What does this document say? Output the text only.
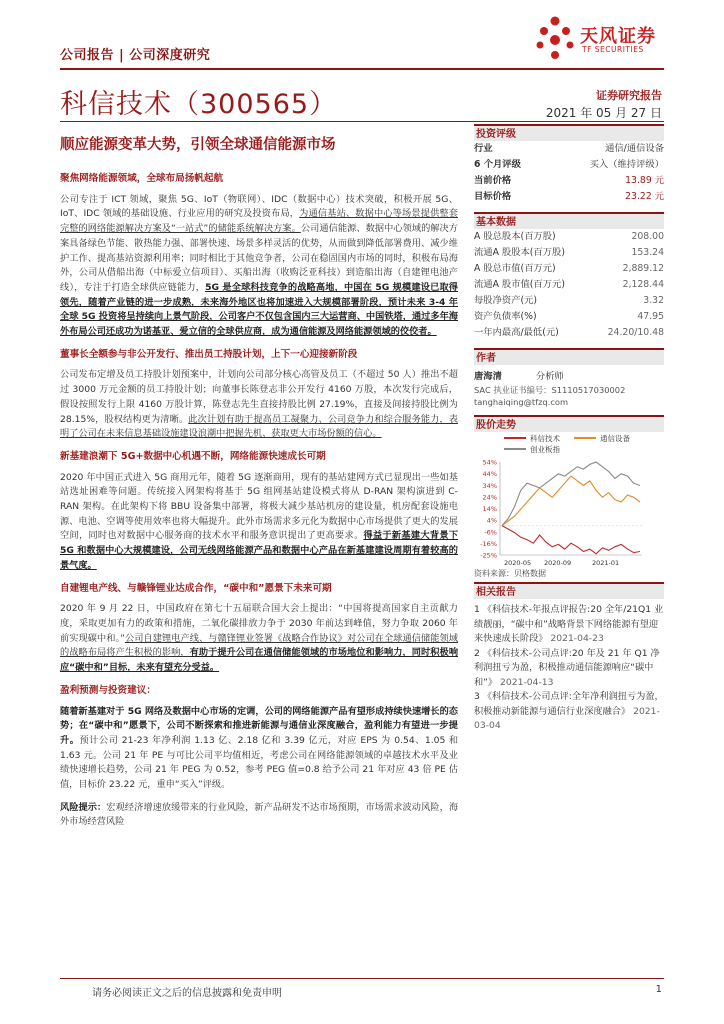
公司报告 | 公司深度研究
天风证券
TF SECURITIES
科信技术（300565）	证券研究报告
2021 年 05 月 27 日
顺应能源变革大势，引领全球通信能源市场
聚焦网络能源领域，全球布局扬帆起航
公司专注于 ICT 领域，聚焦 5G、IoT（物联网）、IDC（数据中心）技术突破，积极开展 5G、IoT、IDC 领域的基础设施、行业应用的研究及投资布局，为通信基站、数据中心等场景提供整套完整的网络能源解决方案及“一站式”的储能系统解决方案。公司通信能源、数据中心领域的解决方案具备绿色节能、散热能力强、部署快速、场景多样灵活的优势，从而做到降低部署费用、减少维护工作、提高基站资源利用率；同时相比于其他竞争者，公司在稳固国内市场的同时，积极布局海外，公司从借船出海（中标爱立信项目）、买船出海（收购泛亚科技）到造船出海（自建锂电池产线），专注于打造全球供应链能力，5G 是全球科技竞争的战略高地，中国在 5G 规模建设已取得领先，随着产业链的进一步成熟，未来海外地区也将加速进入大规模部署阶段，预计未来 3-4 年全球 5G 投资将呈持续向上景气阶段，公司客户不仅包含国内三大运营商、中国铁塔，通过多年海外布局公司还成功为诺基亚、爱立信的全球供应商，成为通信能源及网络能源领域的佼佼者。
董事长全额参与非公开发行、推出员工持股计划，上下一心迎接新阶段
公司发布定增及员工持股计划预案中，计划向公司部分核心高管及员工（不超过 50 人）推出不超过 3000 万元金额的员工持股计划；向董事长陈登志非公开发行 4160 万股，本次发行完成后，假设按照发行上限 4160 万股计算，陈登志先生直接持股比例 27.19%，直接及间接持股比例为 28.15%，股权结构更为清晰。此次计划有助于提高员工凝聚力、公司竞争力和综合服务能力，表明了公司在未来信息基础设施建设浪潮中把握先机、获取更大市场份额的信心。
新基建浪潮下 5G+数据中心机遇不断，网络能源快速成长可期
2020 年中国正式进入 5G 商用元年，随着 5G 逐渐商用，现有的基站建网方式已显现出一些如基站选址困难等问题。传统接入网架构将基于 5G 组网基站建设模式将从 D-RAN 架构演进到 C-RAN 架构。在此架构下将 BBU 设备集中部署，将极大减少基站机房的建设量，机房配套设施电源、电池、空调等使用效率也将大幅提升。此外市场需求多元化为数据中心市场提供了更大的发展空间，同时也对数据中心服务商的技术水平和服务意识提出了更高要求。得益于新基建大背景下 5G 和数据中心大规模建设，公司无线网络能源产品和数据中心产品在新基建建设周期有着较高的景气度。
自建锂电产线、与赣锋锂业达成合作，“碳中和”愿景下未来可期
2020 年 9 月 22 日，中国政府在第七十五届联合国大会上提出：“中国将提高国家自主贡献力度，采取更加有力的政策和措施，二氧化碳排放力争于 2030 年前达到峰值，努力争取 2060 年前实现碳中和。”公司自建锂电产线、与赣锋锂业签署《战略合作协议》对公司在全球通信储能领域的战略布局将产生积极的影响，有助于提升公司在通信储能领域的市场地位和影响力，同时积极响应“碳中和”目标，未来有望充分受益。
盈利预测与投资建议：
随着新基建对于 5G 网络及数据中心市场的定调，公司的网络能源产品有望形成持续快速增长的态势；在“碳中和”愿景下，公司不断探索和推进新能源与通信业深度融合，盈利能力有望进一步提升。预计公司 21-23 年净利润 1.13 亿、2.18 亿和 3.39 亿元，对应 EPS 为 0.54、1.05 和 1.63 元。公司 21 年 PE 与可比公司平均值相近，考虑公司在网络能源领域的卓越技术水平及业绩快速增长趋势，公司 21 年 PEG 为 0.52，参考 PEG 值=0.8 给予公司 21 年对应 43 倍 PE 估值，目标价 23.22 元，重申“买入”评级。
风险提示：宏观经济增速放缓带来的行业风险，新产品研发不达市场预期，市场需求波动风险，海外市场经营风险
投资评级
行业	通信/通信设备
6 个月评级	买入（维持评级）
当前价格	13.89 元
目标价格	23.22 元
基本数据
A 股总股本(百万股)	208.00
流通A 股股本(百万股)	153.24
A 股总市值(百万元)	2,889.12
流通A 股市值(百万元)	2,128.44
每股净资产(元)	3.32
资产负债率(%)	47.95
一年内最高/最低(元)	24.20/10.48
作者
唐海清	分析师
SAC 执业证书编号：S1110517030002
tanghaiqing@tfzq.com
股价走势
科信技术	通信设备
创业板指
54%
44%
34%
24%
14%
4%
-6%
-16%
-25%
2020-05 2020-09	2021-01
资料来源：贝格数据
相关报告
1 《科信技术-年报点评报告:20 全年/21Q1 业绩靓丽，“碳中和”战略背景下网络能源有望迎来快速成长阶段》 2021-04-23
2 《科信技术-公司点评:20 年及 21 年 Q1 净利润扭亏为盈，积极推动通信能源响应“碳中和”》 2021-04-13
3 《科信技术-公司点评:全年净利润扭亏为盈，积极推动新能源与通信行业深度融合》 2021-03-04
请务必阅读正文之后的信息披露和免责申明	1
